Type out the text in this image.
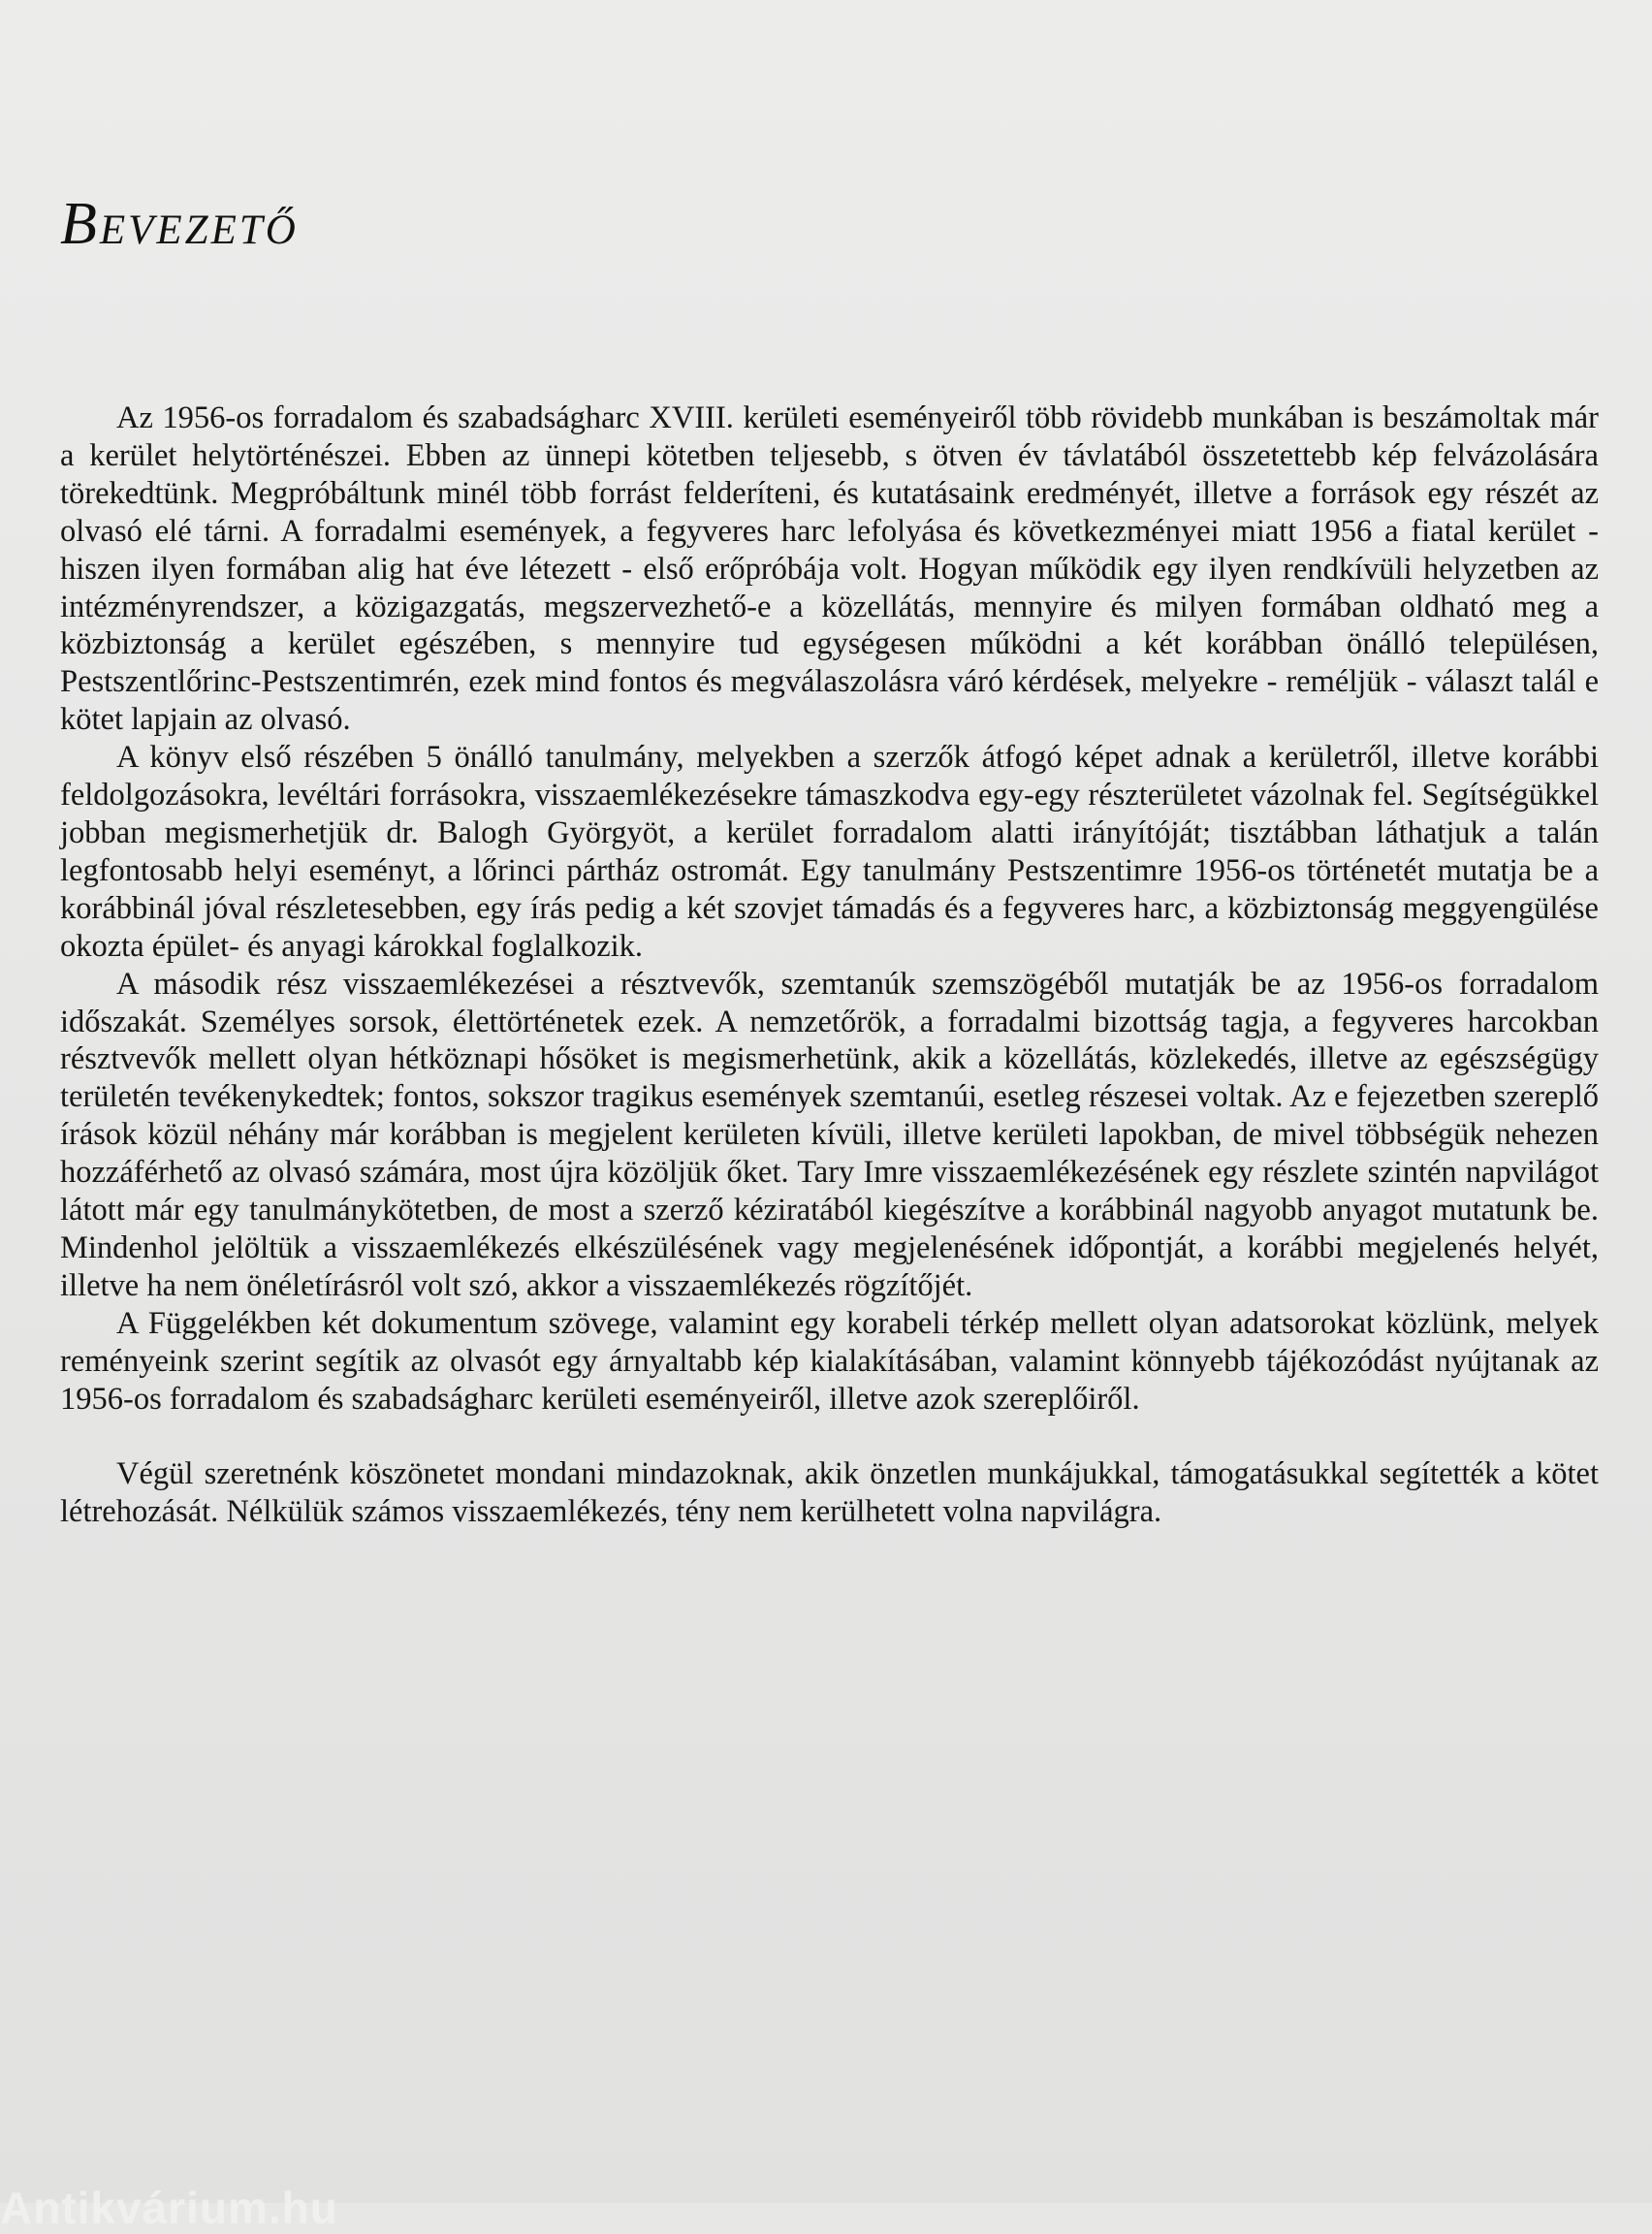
Bevezető

Az 1956-os forradalom és szabadságharc XVIII. kerületi eseményeiről több rövidebb munkában is beszámoltak már a kerület helytörténészei. Ebben az ünnepi kötetben teljesebb, s ötven év távlatából összetettebb kép felvázolására törekedtünk. Megpróbáltunk minél több forrást felderíteni, és kutatásaink eredményét, illetve a források egy részét az olvasó elé tárni. A forradalmi események, a fegyveres harc lefolyása és következményei miatt 1956 a fiatal kerület - hiszen ilyen formában alig hat éve létezett - első erőpróbája volt. Hogyan működik egy ilyen rendkívüli helyzetben az intézményrendszer, a közigazgatás, megszervezhető-e a közellátás, mennyire és milyen formában oldható meg a közbiztonság a kerület egészében, s mennyire tud egységesen működni a két korábban önálló településen, Pestszentlőrinc-Pestszentimrén, ezek mind fontos és megválaszolásra váró kérdések, melyekre - reméljük - választ talál e kötet lapjain az olvasó.

A könyv első részében 5 önálló tanulmány, melyekben a szerzők átfogó képet adnak a kerületről, illetve korábbi feldolgozásokra, levéltári forrásokra, visszaemlékezésekre támaszkodva egy-egy részterületet vázolnak fel. Segítségükkel jobban megismerhetjük dr. Balogh Györgyöt, a kerület forradalom alatti irányítóját; tisztábban láthatjuk a talán legfontosabb helyi eseményt, a lőrinci pártház ostromát. Egy tanulmány Pestszentimre 1956-os történetét mutatja be a korábbinál jóval részletesebben, egy írás pedig a két szovjet támadás és a fegyveres harc, a közbiztonság meggyengülése okozta épület- és anyagi károkkal foglalkozik.

A második rész visszaemlékezései a résztvevők, szemtanúk szemszögéből mutatják be az 1956-os forradalom időszakát. Személyes sorsok, élettörténetek ezek. A nemzetőrök, a forradalmi bizottság tagja, a fegyveres harcokban résztvevők mellett olyan hétköznapi hősöket is megismerhetünk, akik a közellátás, közlekedés, illetve az egészségügy területén tevékenykedtek; fontos, sokszor tragikus események szemtanúi, esetleg részesei voltak. Az e fejezetben szereplő írások közül néhány már korábban is megjelent kerületen kívüli, illetve kerületi lapokban, de mivel többségük nehezen hozzáférhető az olvasó számára, most újra közöljük őket. Tary Imre visszaemlékezésének egy részlete szintén napvilágot látott már egy tanulmánykötetben, de most a szerző kéziratából kiegészítve a korábbinál nagyobb anyagot mutatunk be. Mindenhol jelöltük a visszaemlékezés elkészülésének vagy megjelenésének időpontját, a korábbi megjelenés helyét, illetve ha nem önéletírásról volt szó, akkor a visszaemlékezés rögzítőjét.

A Függelékben két dokumentum szövege, valamint egy korabeli térkép mellett olyan adatsorokat közlünk, melyek reményeink szerint segítik az olvasót egy árnyaltabb kép kialakításában, valamint könnyebb tájékozódást nyújtanak az 1956-os forradalom és szabadságharc kerületi eseményeiről, illetve azok szereplőiről.

Végül szeretnénk köszönetet mondani mindazoknak, akik önzetlen munkájukkal, támogatásukkal segítették a kötet létrehozását. Nélkülük számos visszaemlékezés, tény nem kerülhetett volna napvilágra.

Antikvárium.hu
